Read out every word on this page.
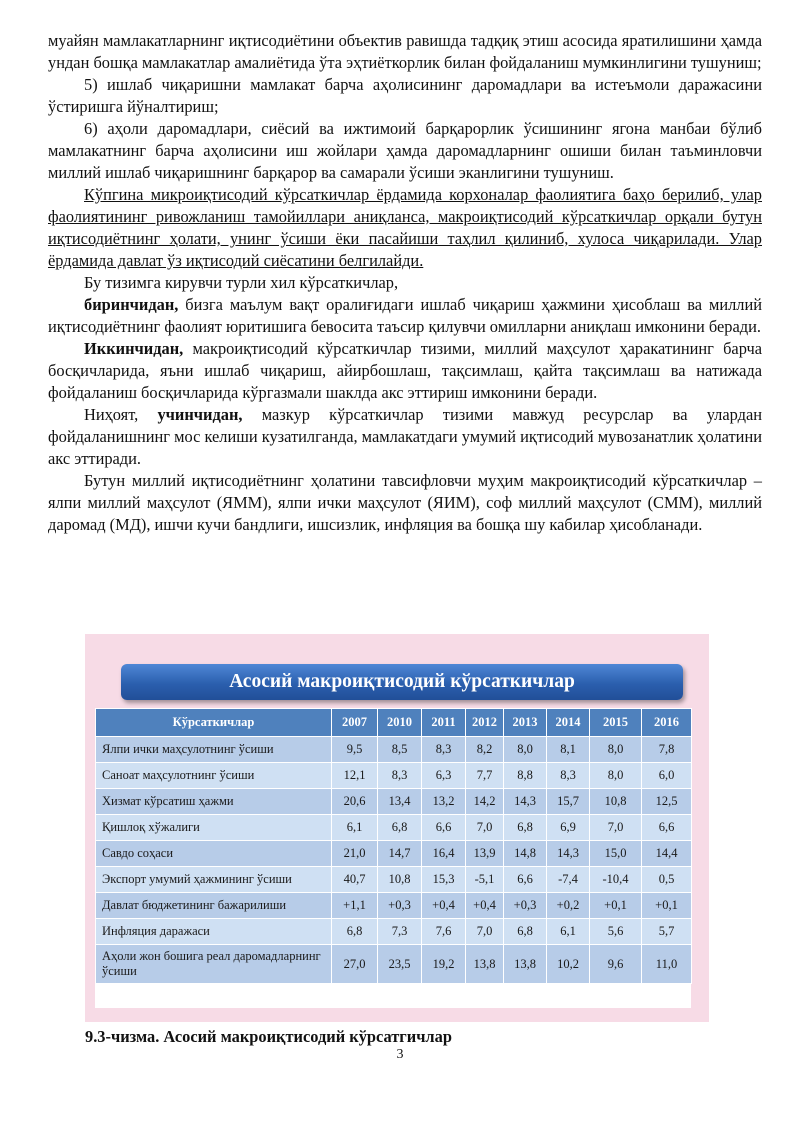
муайян мамлакатларнинг иқтисодиётини объектив равишда тадқиқ этиш асосида яратилишини ҳамда ундан бошқа мамлакатлар амалиётида ўта эҳтиёткорлик билан фойдаланиш мумкинлигини тушуниш;

5) ишлаб чиқаришни мамлакат барча аҳолисининг даромадлари ва истеъмоли даражасини ўстиришга йўналтириш;

6) аҳоли даромадлари, сиёсий ва ижтимоий барқарорлик ўсишининг ягона манбаи бўлиб мамлакатнинг барча аҳолисини иш жойлари ҳамда даромадларнинг ошиши билан таъминловчи миллий ишлаб чиқаришнинг барқарор ва самарали ўсиши эканлигини тушуниш.

Кўпгина микроиқтисодий кўрсаткичлар ёрдамида корхоналар фаолиятига баҳо берилиб, улар фаолиятининг ривожланиш тамойиллари аниқланса, макроиқтисодий кўрсаткичлар орқали бутун иқтисодиётнинг ҳолати, унинг ўсиши ёки пасайиши таҳлил қилиниб, хулоса чиқарилади. Улар ёрдамида давлат ўз иқтисодий сиёсатини белгилайди.

Бу тизимга кирувчи турли хил кўрсаткичлар,

биринчидан, бизга маълум вақт оралиғидаги ишлаб чиқариш ҳажмини ҳисоблаш ва миллий иқтисодиётнинг фаолият юритишига бевосита таъсир қилувчи омилларни аниқлаш имконини беради.

Иккинчидан, макроиқтисодий кўрсаткичлар тизими, миллий маҳсулот ҳаракатининг барча босқичларида, яъни ишлаб чиқариш, айирбошлаш, тақсимлаш, қайта тақсимлаш ва натижада фойдаланиш босқичларида кўргазмали шаклда акс эттириш имконини беради.

Ниҳоят, учинчидан, мазкур кўрсаткичлар тизими мавжуд ресурслар ва улардан фойдаланишнинг мос келиши кузатилганда, мамлакатдаги умумий иқтисодий мувозанатлик ҳолатини акс эттиради.

Бутун миллий иқтисодиётнинг ҳолатини тавсифловчи муҳим макроиқтисодий кўрсаткичлар – ялпи миллий маҳсулот (ЯММ), ялпи ички маҳсулот (ЯИМ), соф миллий маҳсулот (СММ), миллий даромад (МД), ишчи кучи бандлиги, ишсизлик, инфляция ва бошқа шу кабилар ҳисобланади.

Асосий макроиқтисодий кўрсаткичлар
Кўрсаткичлар	2007	2010	2011	2012	2013	2014	2015	2016
Ялпи ички маҳсулотнинг ўсиши	9,5	8,5	8,3	8,2	8,0	8,1	8,0	7,8
Саноат маҳсулотнинг ўсиши	12,1	8,3	6,3	7,7	8,8	8,3	8,0	6,0
Хизмат кўрсатиш ҳажми	20,6	13,4	13,2	14,2	14,3	15,7	10,8	12,5
Қишлоқ хўжалиги	6,1	6,8	6,6	7,0	6,8	6,9	7,0	6,6
Савдо соҳаси	21,0	14,7	16,4	13,9	14,8	14,3	15,0	14,4
Экспорт умумий ҳажмининг ўсиши	40,7	10,8	15,3	-5,1	6,6	-7,4	-10,4	0,5
Давлат бюджетининг бажарилиши	+1,1	+0,3	+0,4	+0,4	+0,3	+0,2	+0,1	+0,1
Инфляция даражаси	6,8	7,3	7,6	7,0	6,8	6,1	5,6	5,7
Аҳоли жон бошига реал даромадларнинг ўсиши	27,0	23,5	19,2	13,8	13,8	10,2	9,6	11,0
9.3-чизма. Асосий макроиқтисодий кўрсатгичлар
3
